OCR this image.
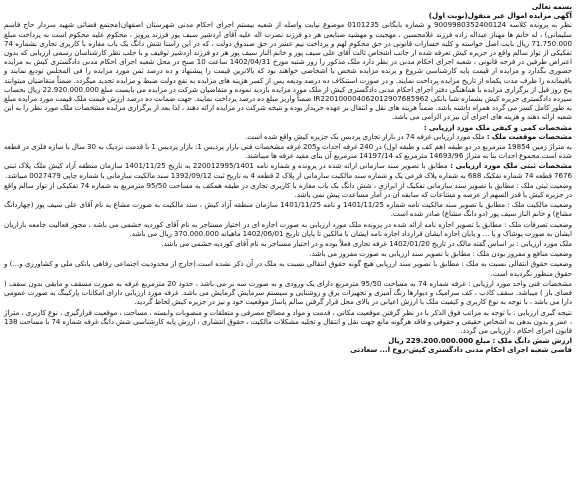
بسمه تعالی

آگهی مزایده اموال غیر منقول(نوبت اول)

نظر به پرونده کلاسه 9009980352400124 و شماره بایگانی 0101235 موضوع نیابت واصله از شعبه بیستم اجرای احکام مدنی شهرستان اصفهان(مجتمع قضائی شهید سردار حاج قاسم سلیمانی) ، له خانم ها مهناز عبداله زاده فرزند غلامحسین ، مهجبت و مهشید صنایعی هر دو فرزند نصرت اله علیه آقای اردشیر سیف پور فرزند پرویز ، محکوم علیه محکوم است به پرداخت مبلغ 71.750.000 ریال بابت اصل خواسته و کلیه خسارات قانونی در حق محکوم لهم و پرداخت نیم عشر در حق صندوق دولت ، که در این راستا شش دانگ یک باب مغازه با کاربری تجاری بشماره 74 تفکیکی از توار سالم واقع در جزیره کیش تعرفه شده از جانب اشخاص ثالث آقای علی سیف پور و خانم الناز سیف پور هر دو فرزند اردشیر توقیف و با جلب نظر کارشناسان رسمی ارزیابی که بدون اعتراض طرفین در فرجه قانونی ، شعبه اجرای احکام مدنی در نظر دارد ملک مذکور را روز شنبه مورخ 1402/04/31 ساعت 10 صبح در محل شعبه اجرای احکام مدنی دادگستری کیش به مزایده حضوری بگذارد و مزایده از قیمت پایه کارشناسی شروع و برنده مزایده شخص یا اشخاصی خواهند بود که بالاترین قیمت را پیشنهاد و ده درصد ثمن مورد مزایده را فی المجلس تودیع نمایند و باقیمانده را ظرف مدت یکماه از تاریخ مزایده پرداخت نمایند. و در صورت استنکاف ده درصد ودیعه پس از کسر هزینه های مزایده به نفع دولت ضبط و مزایده تجدید میگردد. ضمناً متقاضیان میتوانند پنج روز قبل از برگزاری مزایده با هماهنگی دفتر اجرای احکام مدنی دادگستری کیش از ملک مورد مزایده بازدید نموده و متقاضیان شرکت در مزایده می بایست مبلغ 22.920.000.000 ریال بحساب سپرده دادگستری جزیره کیش بشماره شبا بانکی IR220100004062012907685962 ضمناً واریز مبلغ ده درصد پرداخت نمایند. جهت ضمانت ده درصد ارزش قیمت ملک قیمت مورد مزایده مبلغ به طور کامل کسر می گردد همراه داشته باشد. ضمناً هزینه های نقل و انتقال بر عهده خریدار بوده و نتیجه شرکت در مزایده ارائه دهند ، لذا بعد از برگزاری مزایده مشخصات ملک مورد نظر را به این شعبه ارائه دهند و هزینه های اجرای آن نیز در الزامی می باشد.

مشخصات کمی و کیفی ملک مورد ارزیابی :

مشخصات موقعیت ملک : ملک مورد ارزیابی غرفه 74 در بازار تجاری پردیس یک جزیره کیش واقع شده است.

به متراژ زمین 19854 مترمربع در دو طبقه (هم کف و طبقه اول) در 240 غرفه احداث و205 غرفه مشخصات فنی بازار پردیس 1: بازار پردیس 1 با قدمت نزدیک به 30 سال با سازه فلزی در قطعه شده است.مجموع احداث بنا به متراژ 14693/96 مترمربع که 14197/14 مترمربع آن بنای مفید غرفه ها میباشند.

مشخصات ثبتی ملک مورد ارزیابی : مطابق با تصویر سند سازمانی ارائه شده در پرونده و شماره نامه 220012995/1401 به تاریخ 1401/11/25 سازمان منطقه آزاد کیش ملک پلاک ثبتی 7676 قطعه 74 شماره تفکیک 688 به شماره پلاک فرعی یک و شماره سند مالکیت سازمانی از پلاک 2 قطعه 4 به تاریخ ثبت 1392/09/12 سند مالکیت سازمانی با شماره چاپی 0027479 میباشد.

وضعیت ثبتی ملک : مطابق با تصویر سند سازمانی تفکیک از ابرازی ، شش دانگ یک باب مغازه با کاربری تجاری در طبقه همکف به مساحت 95/50 مترمربع به شماره 74 تفکیکی از توار سالم واقع در جزیره کیش با قدر السهم از عرصه و مشاعات که سابقه آن در آمار مساعدت پیش نمی باشد.

وضعیت مالکیت ملک : مطابق با تصویر سند مالکیت نامه شماره 1401/11/25 و نامه 1401/11/25 سازمان منطقه آزاد کیش ، سند مالکیت به صورت مشاع به نام آقای علی سیف پور (چهاردانگ مشاع) و خانم الناز سیف پور (دو دانگ مشاع) صادر شده است.

وضعیت تصرفات ملک : مطابق با تصویر اجاره نامه ارائه شده در پرونده ملک مورد ارزیابی به صورت اجاره ای در اختیار مستاجر به نام آقای کوردیه خشمی می باشد ، مجوز فعالیت جامعه بازاریان ایشان به صورت پوشاک و پا ... و پایان اجاره ایشان قرارداد اجاره نامه ایشان با مالکین تا پایان تاریخ 1402/06/01 ماهیانه 370.000.000 ریال می باشد.

ملک مورد ارزیابی : بر اساس گفته مالک در تاریخ 1402/01/20 غرفه تجاری فعلاً بوده و در اختیار مستاجر به نام آقای کوردیه خشمی می باشد.

وضعیت منافع و مفروز بودن ملک : مطابق با تصویر سند ارزیابی به صورت مفروز می باشد.

وضعیت حقوق انتقالی نسبت به ملک : مطابق با تصویر سند ارزیابی هیچ گونه حقوق انتقالی نسبت به ملک در آن ذکر نشده است.(خارج از محدودیت اجتماعی رفاهی بانکی ملی و کشاورزی و...) و حقوق منظور نگردیده است.

مشخصات فنی واحد مورد ارزیابی : غرفه شماره 74 به مساحت 95/50 مترمربع دارای یک ورودی و به صورت سه بر می باشد ، حدود 20 مترمربع غرفه به صورت مسقف و مابقی بدون سقف ( فضای باز ) میباشد. سقف کاذب ، کف سرامیک و دیوارها رنگ آمیزی و تجهیزات برق و روشنایی و سیستم سرمایش گرمایش می باشد. غرفه مورد ارزیابی دارای امکانات پارکینگ به صورت عمومی دارا می باشد ، با توجه به نوع کاربری و کیفیت ملک با ارزش اعیانی در بالای محل قرار گرفتن سالم پاساژ موقعیت خود و نیز در جزیره کیش لحاظ گردید.

نتیجه گیری ارزیابی : با توجه به مراتب فوق الذکر با در نظر گرفتن موقعیت مکانی ، قدمت و مواد و مصالح مصرفی و متعلقات و منصوبات وابسته ، مساحت ، موقعیت قرارگیری ، نوع کاربری ، متراژ ، عمر و بدون بدهی به اشخاص حقیقی و حقوقی و فاقد هرگونه مانع جهت نقل و انتقال و تخلیه مشکلات مالکیت ، حقوق انتشاری ، ارزش پایه کارشناسی شش دانگ غرفه شماره 74 با مساحت 138 قانون اجرای احکام ، ارزیابی می گردد.

ارزش شش دانگ ملک : مبلغ 229.200.000.000 ریال

قاضی شعبه اجرای احکام مدنی دادگستری کیش-روح ا... سعادتی
